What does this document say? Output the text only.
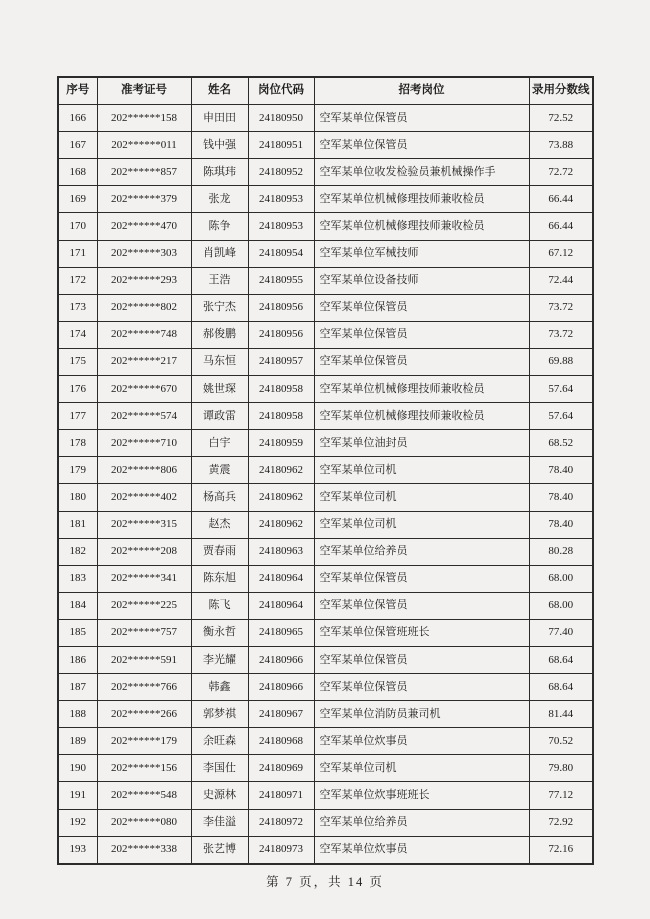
序号	准考证号	姓名	岗位代码	招考岗位	录用分数线
166	202******158	申田田	24180950	空军某单位保管员	72.52
167	202******011	钱中强	24180951	空军某单位保管员	73.88
168	202******857	陈琪玮	24180952	空军某单位收发检验员兼机械操作手	72.72
169	202******379	张龙	24180953	空军某单位机械修理技师兼收检员	66.44
170	202******470	陈争	24180953	空军某单位机械修理技师兼收检员	66.44
171	202******303	肖凯峰	24180954	空军某单位军械技师	67.12
172	202******293	王浩	24180955	空军某单位设备技师	72.44
173	202******802	张宁杰	24180956	空军某单位保管员	73.72
174	202******748	郝俊鹏	24180956	空军某单位保管员	73.72
175	202******217	马东恒	24180957	空军某单位保管员	69.88
176	202******670	姚世琛	24180958	空军某单位机械修理技师兼收检员	57.64
177	202******574	谭政雷	24180958	空军某单位机械修理技师兼收检员	57.64
178	202******710	白宇	24180959	空军某单位油封员	68.52
179	202******806	黄震	24180962	空军某单位司机	78.40
180	202******402	杨高兵	24180962	空军某单位司机	78.40
181	202******315	赵杰	24180962	空军某单位司机	78.40
182	202******208	贾春雨	24180963	空军某单位给养员	80.28
183	202******341	陈东旭	24180964	空军某单位保管员	68.00
184	202******225	陈飞	24180964	空军某单位保管员	68.00
185	202******757	衡永哲	24180965	空军某单位保管班班长	77.40
186	202******591	李光耀	24180966	空军某单位保管员	68.64
187	202******766	韩鑫	24180966	空军某单位保管员	68.64
188	202******266	郭梦祺	24180967	空军某单位消防员兼司机	81.44
189	202******179	余旺森	24180968	空军某单位炊事员	70.52
190	202******156	李国仕	24180969	空军某单位司机	79.80
191	202******548	史源林	24180971	空军某单位炊事班班长	77.12
192	202******080	李佳溢	24180972	空军某单位给养员	72.92
193	202******338	张艺博	24180973	空军某单位炊事员	72.16
第 7 页，共 14 页
